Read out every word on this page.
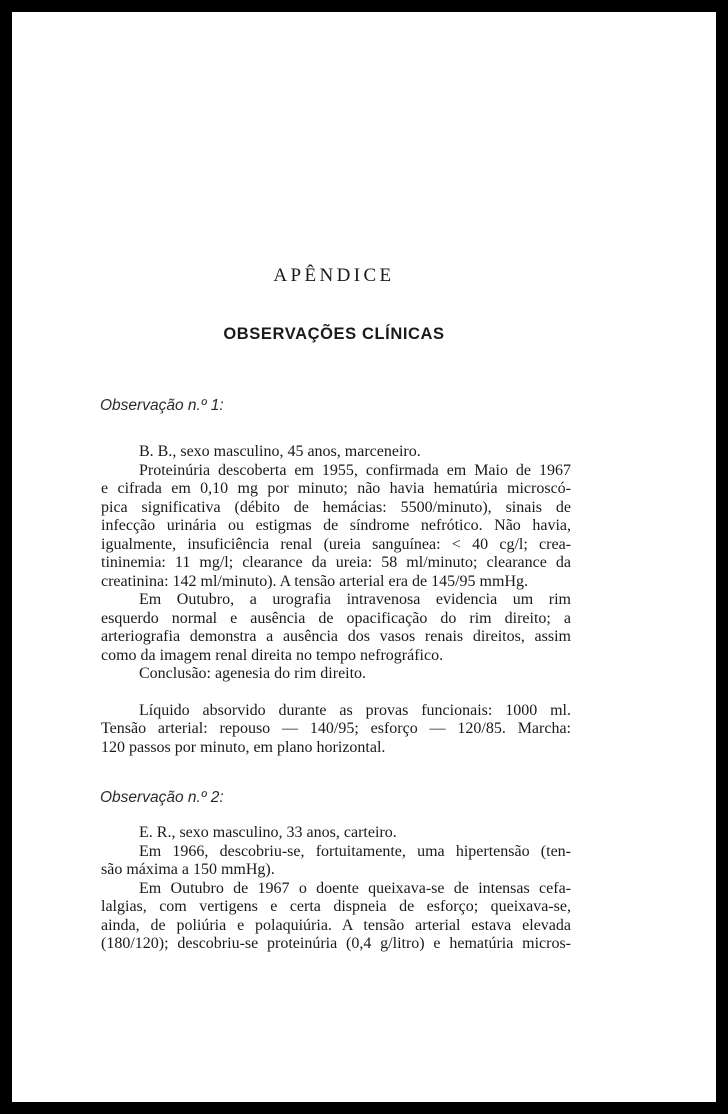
APÊNDICE
OBSERVAÇÕES CLÍNICAS
Observação n.º 1:
B. B., sexo masculino, 45 anos, marceneiro.
Proteinúria descoberta em 1955, confirmada em Maio de 1967
e cifrada em 0,10 mg por minuto; não havia hematúria microscó-
pica significativa (débito de hemácias: 5500/minuto), sinais de
infecção urinária ou estigmas de síndrome nefrótico. Não havia,
igualmente, insuficiência renal (ureia sanguínea: < 40 cg/l; crea-
tininemia: 11 mg/l; clearance da ureia: 58 ml/minuto; clearance da
creatinina: 142 ml/minuto). A tensão arterial era de 145/95 mmHg.
Em Outubro, a urografia intravenosa evidencia um rim
esquerdo normal e ausência de opacificação do rim direito; a
arteriografia demonstra a ausência dos vasos renais direitos, assim
como da imagem renal direita no tempo nefrográfico.
Conclusão: agenesia do rim direito.
Líquido absorvido durante as provas funcionais: 1000 ml.
Tensão arterial: repouso — 140/95; esforço — 120/85. Marcha:
120 passos por minuto, em plano horizontal.
Observação n.º 2:
E. R., sexo masculino, 33 anos, carteiro.
Em 1966, descobriu-se, fortuitamente, uma hipertensão (ten-
são máxima a 150 mmHg).
Em Outubro de 1967 o doente queixava-se de intensas cefa-
lalgias, com vertigens e certa dispneia de esforço; queixava-se,
ainda, de poliúria e polaquiúria. A tensão arterial estava elevada
(180/120); descobriu-se proteinúria (0,4 g/litro) e hematúria micros-
